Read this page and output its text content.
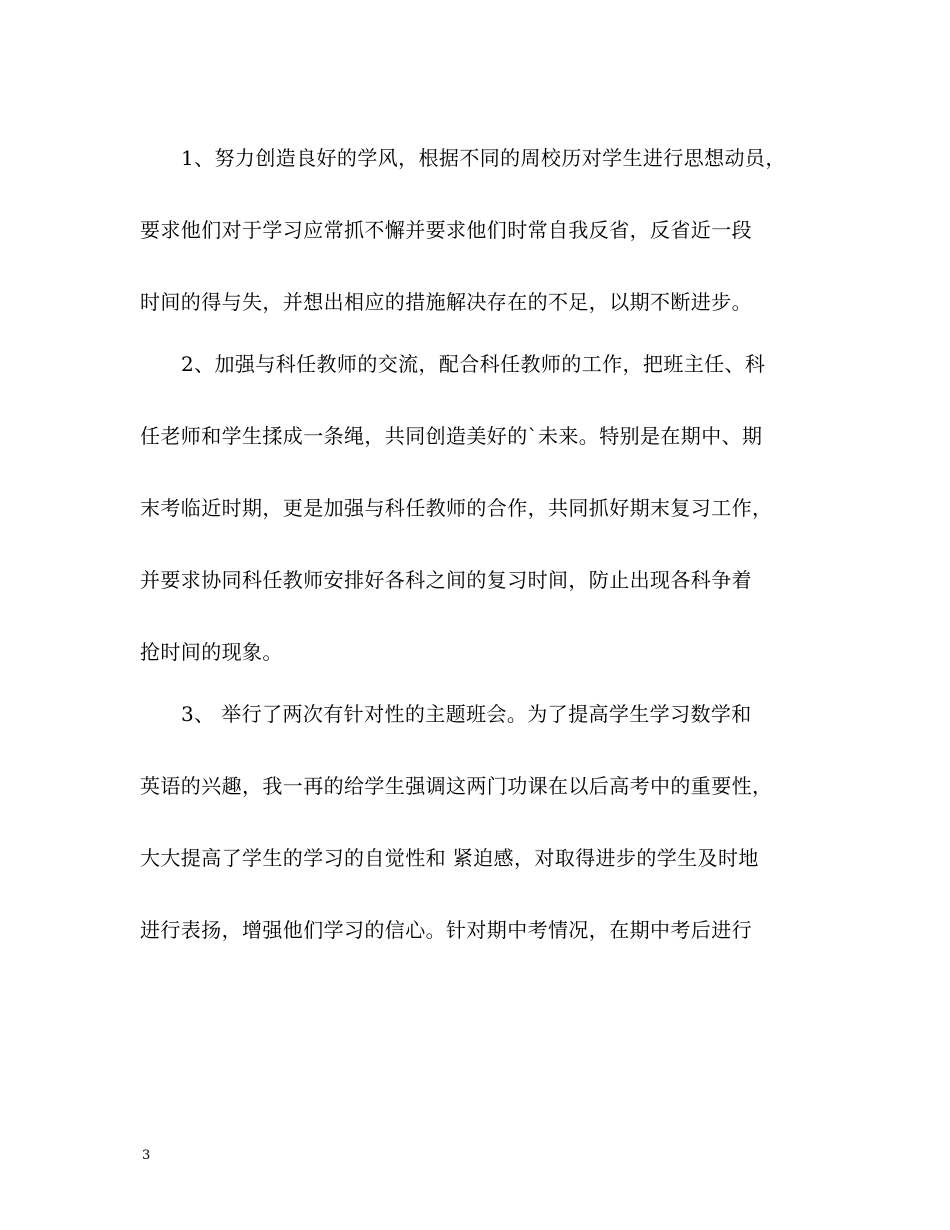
1、努力创造良好的学风，根据不同的周校历对学生进行思想动员，

要求他们对于学习应常抓不懈并要求他们时常自我反省，反省近一段

时间的得与失，并想出相应的措施解决存在的不足，以期不断进步。

2、加强与科任教师的交流，配合科任教师的工作，把班主任、科

任老师和学生揉成一条绳，共同创造美好的`未来。特别是在期中、期

末考临近时期，更是加强与科任教师的合作，共同抓好期末复习工作，

并要求协同科任教师安排好各科之间的复习时间，防止出现各科争着

抢时间的现象。

3、 举行了两次有针对性的主题班会。为了提高学生学习数学和

英语的兴趣，我一再的给学生强调这两门功课在以后高考中的重要性，

大大提高了学生的学习的自觉性和 紧迫感，对取得进步的学生及时地

进行表扬，增强他们学习的信心。针对期中考情况，在期中考后进行

3
